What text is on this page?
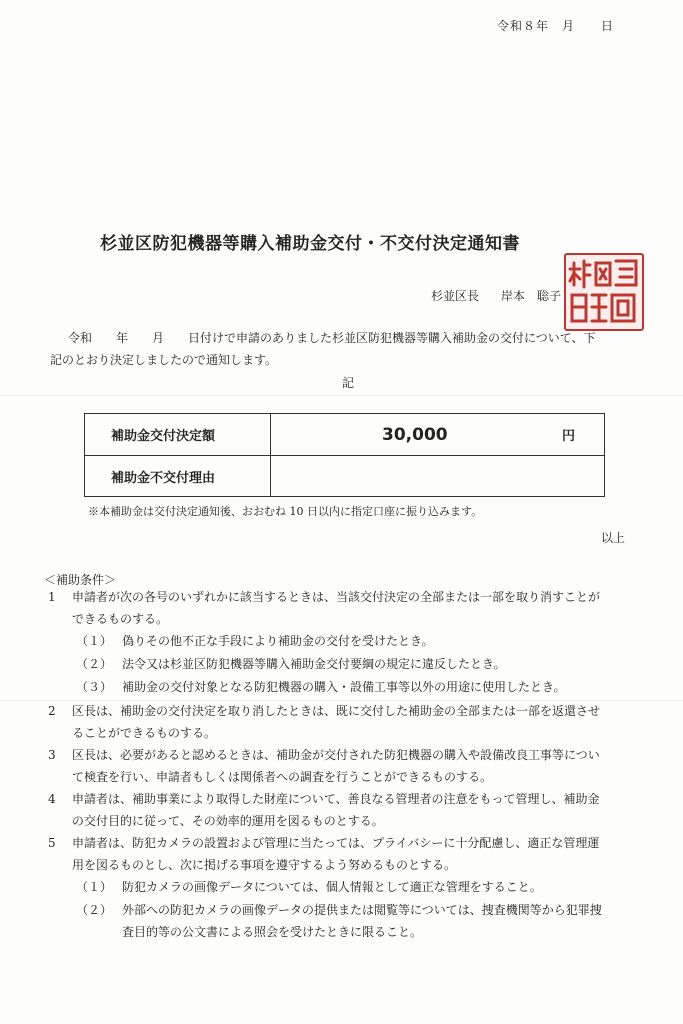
令和８年　月　　日
杉並区防犯機器等購入補助金交付・不交付決定通知書
杉並区長 岸本　聡子
令和　　年　　月　　日付けで申請のありました杉並区防犯機器等購入補助金の交付について、下
記のとおり決定しましたので通知します。
記
補助金交付決定額	30,000 円

補助金不交付理由	
※本補助金は交付決定通知後、おおむね 10 日以内に指定口座に振り込みます。
以上
＜補助条件＞
1 申請者が次の各号のいずれかに該当するときは、当該交付決定の全部または一部を取り消すことが
できるものする。
（１） 偽りその他不正な手段により補助金の交付を受けたとき。
（２） 法令又は杉並区防犯機器等購入補助金交付要綱の規定に違反したとき。
（３） 補助金の交付対象となる防犯機器の購入・設備工事等以外の用途に使用したとき。
2 区長は、補助金の交付決定を取り消したときは、既に交付した補助金の全部または一部を返還させ
ることができるものする。
3 区長は、必要があると認めるときは、補助金が交付された防犯機器の購入や設備改良工事等につい
て検査を行い、申請者もしくは関係者への調査を行うことができるものする。
4 申請者は、補助事業により取得した財産について、善良なる管理者の注意をもって管理し、補助金
の交付目的に従って、その効率的運用を図るものとする。
5 申請者は、防犯カメラの設置および管理に当たっては、プライバシーに十分配慮し、適正な管理運
用を図るものとし、次に掲げる事項を遵守するよう努めるものとする。
（１） 防犯カメラの画像データについては、個人情報として適正な管理をすること。
（２） 外部への防犯カメラの画像データの提供または閲覧等については、捜査機関等から犯罪捜
査目的等の公文書による照会を受けたときに限ること。
